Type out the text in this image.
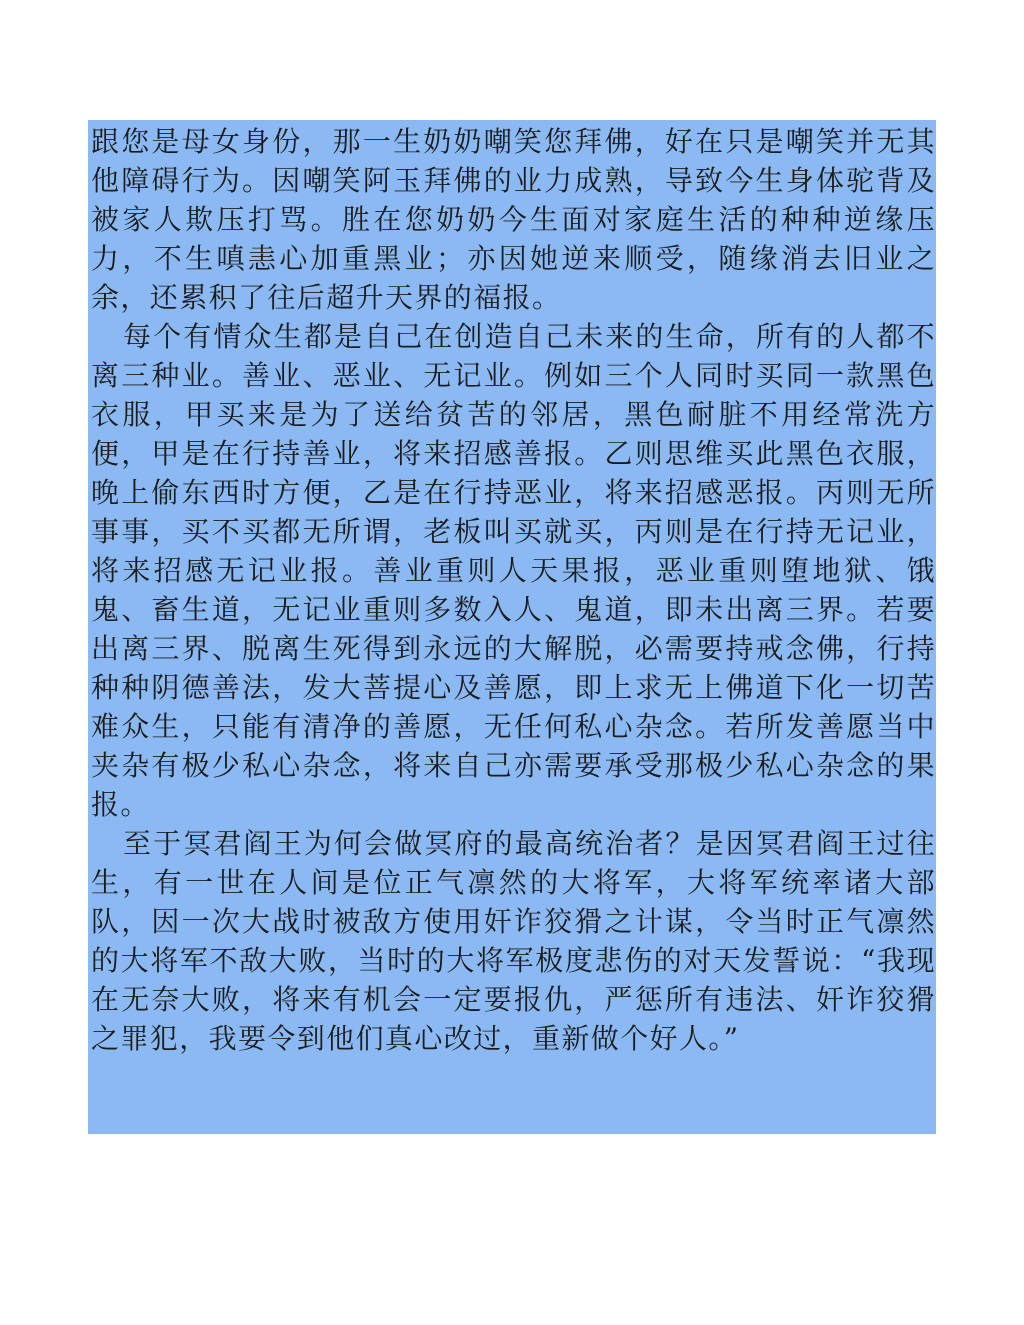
跟您是母女身份，那一生奶奶嘲笑您拜佛，好在只是嘲笑并无其他障碍行为。因嘲笑阿玉拜佛的业力成熟，导致今生身体驼背及被家人欺压打骂。胜在您奶奶今生面对家庭生活的种种逆缘压力，不生嗔恚心加重黑业；亦因她逆来顺受，随缘消去旧业之余，还累积了往后超升天界的福报。

每个有情众生都是自己在创造自己未来的生命，所有的人都不离三种业。善业、恶业、无记业。例如三个人同时买同一款黑色衣服，甲买来是为了送给贫苦的邻居，黑色耐脏不用经常洗方便，甲是在行持善业，将来招感善报。乙则思维买此黑色衣服，晚上偷东西时方便，乙是在行持恶业，将来招感恶报。丙则无所事事，买不买都无所谓，老板叫买就买，丙则是在行持无记业，将来招感无记业报。善业重则人天果报，恶业重则堕地狱、饿鬼、畜生道，无记业重则多数入人、鬼道，即未出离三界。若要出离三界、脱离生死得到永远的大解脱，必需要持戒念佛，行持种种阴德善法，发大菩提心及善愿，即上求无上佛道下化一切苦难众生，只能有清净的善愿，无任何私心杂念。若所发善愿当中夹杂有极少私心杂念，将来自己亦需要承受那极少私心杂念的果报。

至于冥君阎王为何会做冥府的最高统治者？是因冥君阎王过往生，有一世在人间是位正气凛然的大将军，大将军统率诸大部队，因一次大战时被敌方使用奸诈狡猾之计谋，令当时正气凛然的大将军不敌大败，当时的大将军极度悲伤的对天发誓说：“我现在无奈大败，将来有机会一定要报仇，严惩所有违法、奸诈狡猾之罪犯，我要令到他们真心改过，重新做个好人。”
